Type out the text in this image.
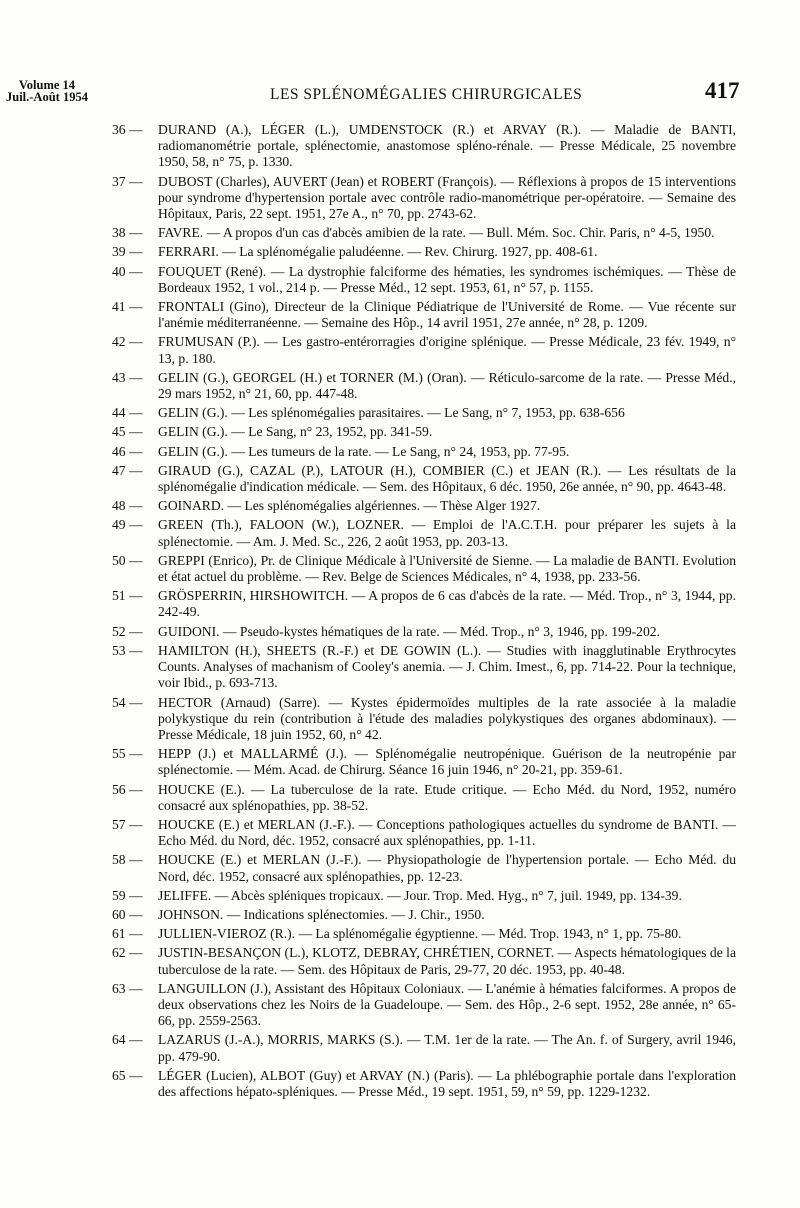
Volume 14
Juil.-Août 1954	LES SPLÉNOMÉGALIES CHIRURGICALES	417
36 —	DURAND (A.), LÉGER (L.), UMDENSTOCK (R.) et ARVAY (R.). — Maladie de BANTI, radiomanométrie portale, splénectomie, anastomose spléno-rénale. — Presse Médicale, 25 novembre 1950, 58, n° 75, p. 1330.
37 —	DUBOST (Charles), AUVERT (Jean) et ROBERT (François). — Réflexions à propos de 15 interventions pour syndrome d'hypertension portale avec contrôle radio-manométrique per-opératoire. — Semaine des Hôpitaux, Paris, 22 sept. 1951, 27e A., n° 70, pp. 2743-62.
38 —	FAVRE. — A propos d'un cas d'abcès amibien de la rate. — Bull. Mém. Soc. Chir. Paris, n° 4-5, 1950.
39 —	FERRARI. — La splénomégalie paludéenne. — Rev. Chirurg. 1927, pp. 408-61.
40 —	FOUQUET (René). — La dystrophie falciforme des hématies, les syndromes ischémiques. — Thèse de Bordeaux 1952, 1 vol., 214 p. — Presse Méd., 12 sept. 1953, 61, n° 57, p. 1155.
41 —	FRONTALI (Gino), Directeur de la Clinique Pédiatrique de l'Université de Rome. — Vue récente sur l'anémie méditerranéenne. — Semaine des Hôp., 14 avril 1951, 27e année, n° 28, p. 1209.
42 —	FRUMUSAN (P.). — Les gastro-entérorragies d'origine splénique. — Presse Médicale, 23 fév. 1949, n° 13, p. 180.
43 —	GELIN (G.), GEORGEL (H.) et TORNER (M.) (Oran). — Réticulo-sarcome de la rate. — Presse Méd., 29 mars 1952, n° 21, 60, pp. 447-48.
44 —	GELIN (G.). — Les splénomégalies parasitaires. — Le Sang, n° 7, 1953, pp. 638-656
45 —	GELIN (G.). — Le Sang, n° 23, 1952, pp. 341-59.
46 —	GELIN (G.). — Les tumeurs de la rate. — Le Sang, n° 24, 1953, pp. 77-95.
47 —	GIRAUD (G.), CAZAL (P.), LATOUR (H.), COMBIER (C.) et JEAN (R.). — Les résultats de la splénomégalie d'indication médicale. — Sem. des Hôpitaux, 6 déc. 1950, 26e année, n° 90, pp. 4643-48.
48 —	GOINARD. — Les splénomégalies algériennes. — Thèse Alger 1927.
49 —	GREEN (Th.), FALOON (W.), LOZNER. — Emploi de l'A.C.T.H. pour préparer les sujets à la splénectomie. — Am. J. Med. Sc., 226, 2 août 1953, pp. 203-13.
50 —	GREPPI (Enrico), Pr. de Clinique Médicale à l'Université de Sienne. — La maladie de BANTI. Evolution et état actuel du problème. — Rev. Belge de Sciences Médicales, n° 4, 1938, pp. 233-56.
51 —	GRÖSPERRIN, HIRSHOWITCH. — A propos de 6 cas d'abcès de la rate. — Méd. Trop., n° 3, 1944, pp. 242-49.
52 —	GUIDONI. — Pseudo-kystes hématiques de la rate. — Méd. Trop., n° 3, 1946, pp. 199-202.
53 —	HAMILTON (H.), SHEETS (R.-F.) et DE GOWIN (L.). — Studies with inagglutinable Erythrocytes Counts. Analyses of machanism of Cooley's anemia. — J. Chim. Imest., 6, pp. 714-22. Pour la technique, voir Ibid., p. 693-713.
54 —	HECTOR (Arnaud) (Sarre). — Kystes épidermoïdes multiples de la rate associée à la maladie polykystique du rein (contribution à l'étude des maladies polykystiques des organes abdominaux). — Presse Médicale, 18 juin 1952, 60, n° 42.
55 —	HEPP (J.) et MALLARMÉ (J.). — Splénomégalie neutropénique. Guérison de la neutropénie par splénectomie. — Mém. Acad. de Chirurg. Séance 16 juin 1946, n° 20-21, pp. 359-61.
56 —	HOUCKE (E.). — La tuberculose de la rate. Etude critique. — Echo Méd. du Nord, 1952, numéro consacré aux splénopathies, pp. 38-52.
57 —	HOUCKE (E.) et MERLAN (J.-F.). — Conceptions pathologiques actuelles du syndrome de BANTI. — Echo Méd. du Nord, déc. 1952, consacré aux splénopathies, pp. 1-11.
58 —	HOUCKE (E.) et MERLAN (J.-F.). — Physiopathologie de l'hypertension portale. — Echo Méd. du Nord, déc. 1952, consacré aux splénopathies, pp. 12-23.
59 —	JELIFFE. — Abcès spléniques tropicaux. — Jour. Trop. Med. Hyg., n° 7, juil. 1949, pp. 134-39.
60 —	JOHNSON. — Indications splénectomies. — J. Chir., 1950.
61 —	JULLIEN-VIEROZ (R.). — La splénomégalie égyptienne. — Méd. Trop. 1943, n° 1, pp. 75-80.
62 —	JUSTIN-BESANÇON (L.), KLOTZ, DEBRAY, CHRÉTIEN, CORNET. — Aspects hématologiques de la tuberculose de la rate. — Sem. des Hôpitaux de Paris, 29-77, 20 déc. 1953, pp. 40-48.
63 —	LANGUILLON (J.), Assistant des Hôpitaux Coloniaux. — L'anémie à hématies falciformes. A propos de deux observations chez les Noirs de la Guadeloupe. — Sem. des Hôp., 2-6 sept. 1952, 28e année, n° 65-66, pp. 2559-2563.
64 —	LAZARUS (J.-A.), MORRIS, MARKS (S.). — T.M. 1er de la rate. — The An. f. of Surgery, avril 1946, pp. 479-90.
65 —	LÉGER (Lucien), ALBOT (Guy) et ARVAY (N.) (Paris). — La phlébographie portale dans l'exploration des affections hépato-spléniques. — Presse Méd., 19 sept. 1951, 59, n° 59, pp. 1229-1232.
